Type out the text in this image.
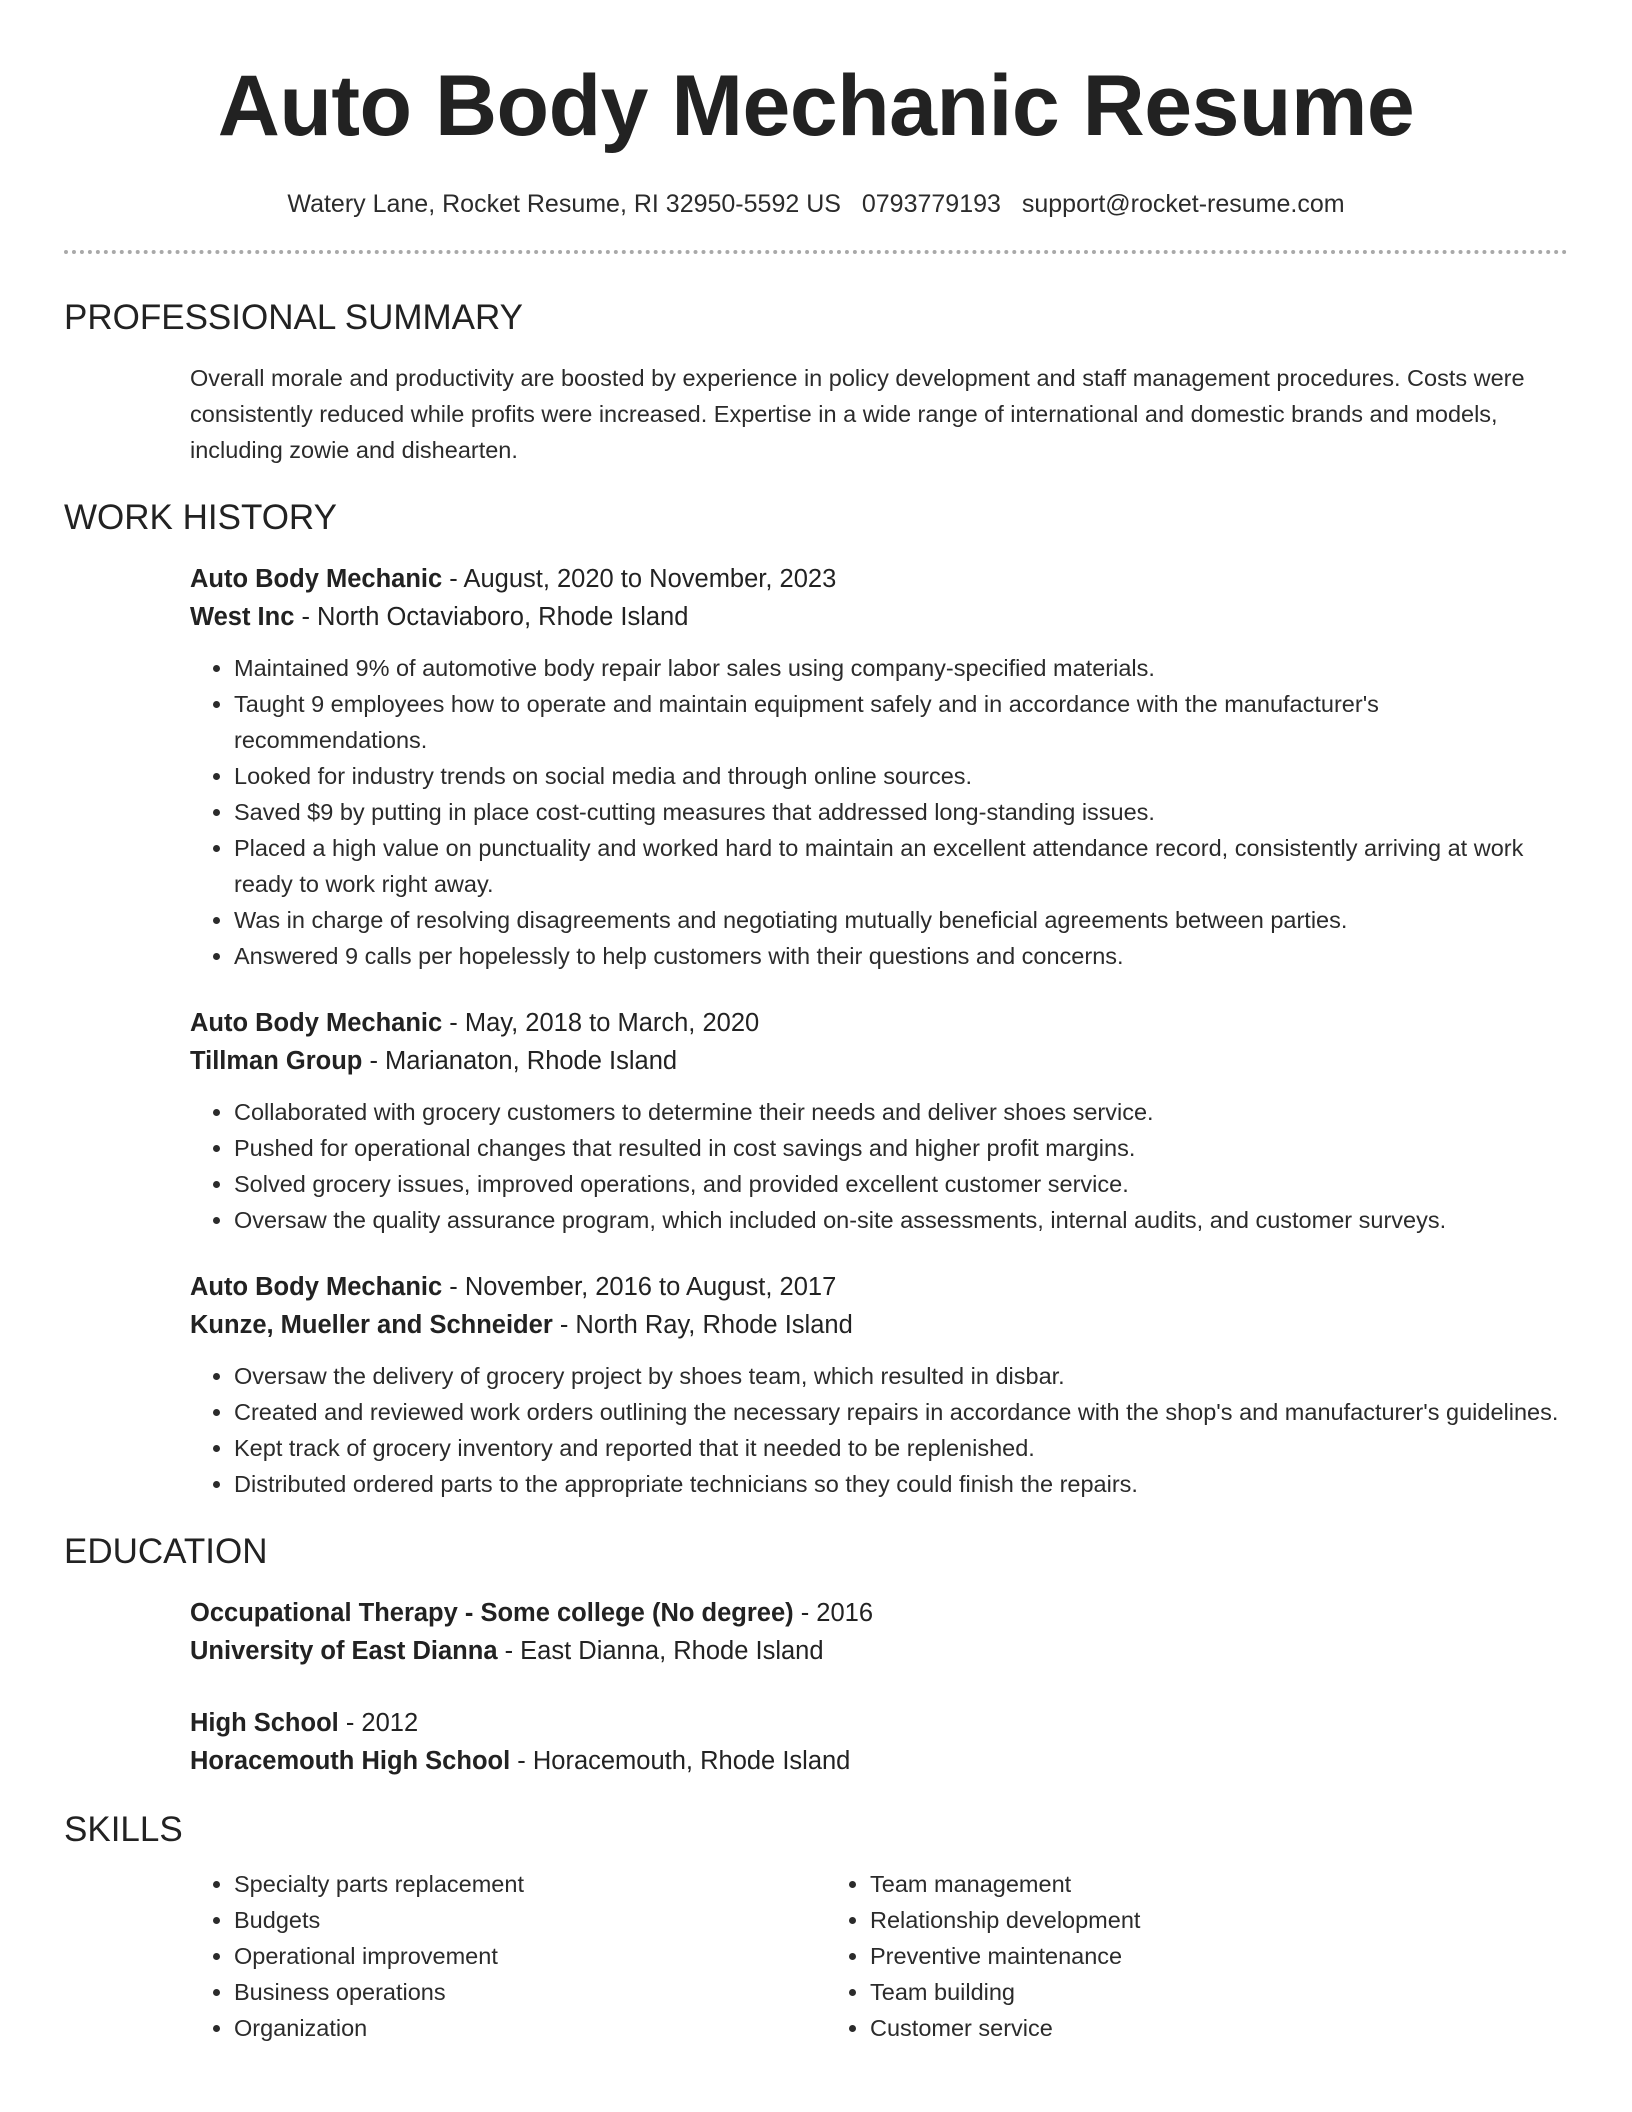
Auto Body Mechanic Resume
Watery Lane, Rocket Resume, RI 32950-5592 US 0793779193 support@rocket-resume.com
PROFESSIONAL SUMMARY
Overall morale and productivity are boosted by experience in policy development and staff management procedures. Costs were consistently reduced while profits were increased. Expertise in a wide range of international and domestic brands and models, including zowie and dishearten.
WORK HISTORY
Auto Body Mechanic - August, 2020 to November, 2023
West Inc - North Octaviaboro, Rhode Island
• Maintained 9% of automotive body repair labor sales using company-specified materials.
• Taught 9 employees how to operate and maintain equipment safely and in accordance with the manufacturer's recommendations.
• Looked for industry trends on social media and through online sources.
• Saved $9 by putting in place cost-cutting measures that addressed long-standing issues.
• Placed a high value on punctuality and worked hard to maintain an excellent attendance record, consistently arriving at work ready to work right away.
• Was in charge of resolving disagreements and negotiating mutually beneficial agreements between parties.
• Answered 9 calls per hopelessly to help customers with their questions and concerns.
Auto Body Mechanic - May, 2018 to March, 2020
Tillman Group - Marianaton, Rhode Island
• Collaborated with grocery customers to determine their needs and deliver shoes service.
• Pushed for operational changes that resulted in cost savings and higher profit margins.
• Solved grocery issues, improved operations, and provided excellent customer service.
• Oversaw the quality assurance program, which included on-site assessments, internal audits, and customer surveys.
Auto Body Mechanic - November, 2016 to August, 2017
Kunze, Mueller and Schneider - North Ray, Rhode Island
• Oversaw the delivery of grocery project by shoes team, which resulted in disbar.
• Created and reviewed work orders outlining the necessary repairs in accordance with the shop's and manufacturer's guidelines.
• Kept track of grocery inventory and reported that it needed to be replenished.
• Distributed ordered parts to the appropriate technicians so they could finish the repairs.
EDUCATION
Occupational Therapy - Some college (No degree) - 2016
University of East Dianna - East Dianna, Rhode Island
High School - 2012
Horacemouth High School - Horacemouth, Rhode Island
SKILLS
• Specialty parts replacement
• Budgets
• Operational improvement
• Business operations
• Organization
• Team management
• Relationship development
• Preventive maintenance
• Team building
• Customer service
